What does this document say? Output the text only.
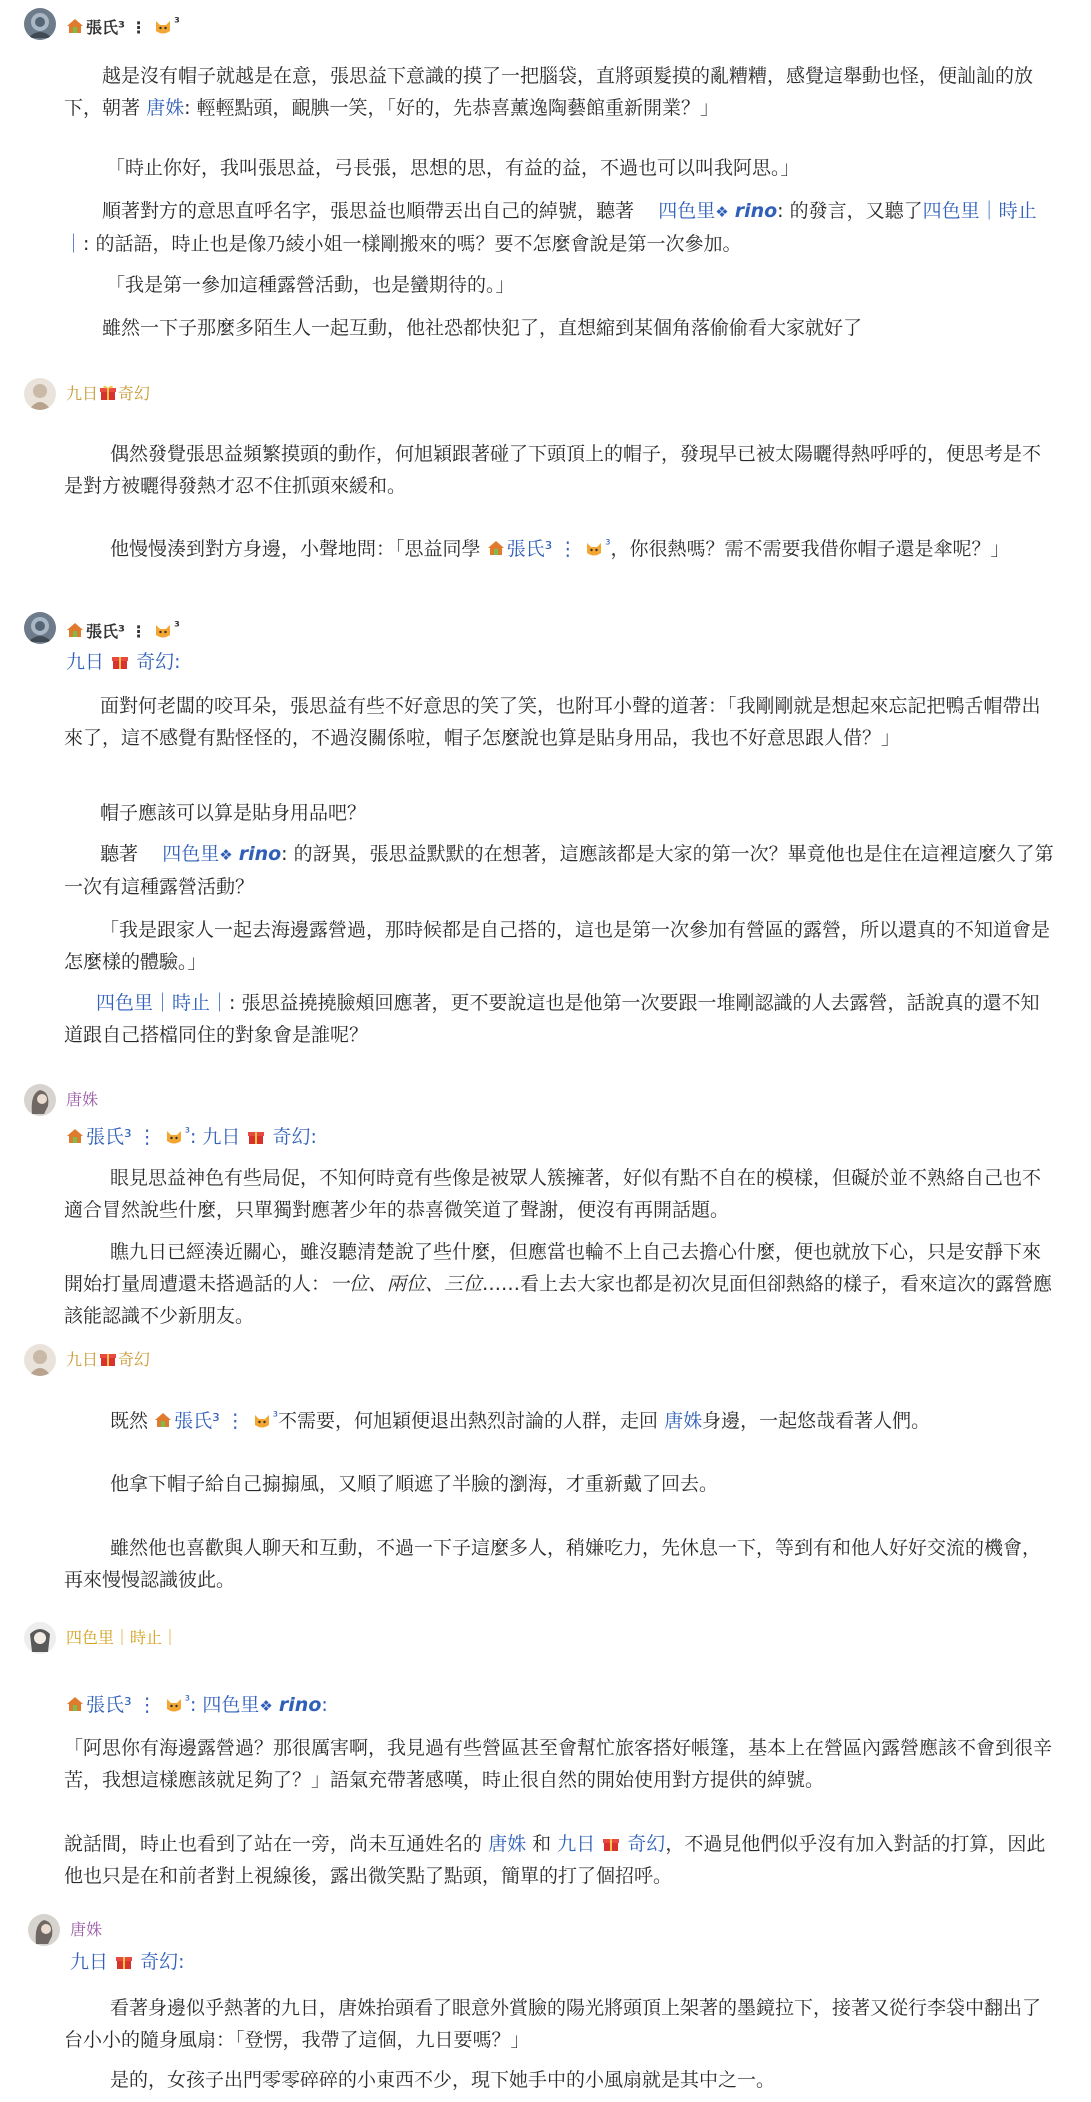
張氏³ ⋮ $^{^3}$

越是沒有帽子就越是在意，張思益下意識的摸了一把腦袋，直將頭髮摸的亂糟糟，感覺這舉動也怪，便訕訕的放下，朝著 唐姝: 輕輕點頭，靦腆一笑，「好的，先恭喜薰逸陶藝館重新開業？」

「時止你好，我叫張思益，弓長張，思想的思，有益的益，不過也可以叫我阿思。」

順著對方的意思直呼名字，張思益也順帶丟出自己的綽號，聽著 四色里❖ rino: 的發言，又聽了四色里｜時止｜: 的話語，時止也是像乃綾小姐一樣剛搬來的嗎？要不怎麼會說是第一次參加。

「我是第一參加這種露營活動，也是蠻期待的。」

雖然一下子那麼多陌生人一起互動，他社恐都快犯了，直想縮到某個角落偷偷看大家就好了

九日 奇幻

偶然發覺張思益頻繁摸頭的動作，何旭穎跟著碰了下頭頂上的帽子，發現早已被太陽曬得熱呼呼的，便思考是不是對方被曬得發熱才忍不住抓頭來緩和。

他慢慢湊到對方身邊，小聲地問：「思益同學 張氏³ ⋮ $^{^3}$，你很熱嗎？需不需要我借你帽子還是傘呢？」

張氏³ ⋮ $^{^3}$
九日 奇幻:

面對何老闆的咬耳朵，張思益有些不好意思的笑了笑，也附耳小聲的道著：「我剛剛就是想起來忘記把鴨舌帽帶出來了，這不感覺有點怪怪的，不過沒關係啦，帽子怎麼說也算是貼身用品，我也不好意思跟人借？」

帽子應該可以算是貼身用品吧？

聽著 四色里❖ rino: 的訝異，張思益默默的在想著，這應該都是大家的第一次？畢竟他也是住在這裡這麼久了第一次有這種露營活動？

「我是跟家人一起去海邊露營過，那時候都是自己搭的，這也是第一次參加有營區的露營，所以還真的不知道會是怎麼樣的體驗。」

四色里｜時止｜: 張思益撓撓臉頰回應著，更不要說這也是他第一次要跟一堆剛認識的人去露營，話說真的還不知道跟自己搭檔同住的對象會是誰呢？

唐姝
張氏³ ⋮ $^{^3}$: 九日 奇幻:

眼見思益神色有些局促，不知何時竟有些像是被眾人簇擁著，好似有點不自在的模樣，但礙於並不熟絡自己也不適合冒然說些什麼，只單獨對應著少年的恭喜微笑道了聲謝，便沒有再開話題。

瞧九日已經湊近關心，雖沒聽清楚說了些什麼，但應當也輪不上自己去擔心什麼，便也就放下心，只是安靜下來開始打量周遭還未搭過話的人：一位、兩位、三位……看上去大家也都是初次見面但卻熱絡的樣子，看來這次的露營應該能認識不少新朋友。

九日 奇幻

既然 張氏³ ⋮ $^{^3}$不需要，何旭穎便退出熱烈討論的人群，走回 唐姝身邊，一起悠哉看著人們。

他拿下帽子給自己搧搧風，又順了順遮了半臉的瀏海，才重新戴了回去。

雖然他也喜歡與人聊天和互動，不過一下子這麼多人，稍嫌吃力，先休息一下，等到有和他人好好交流的機會，再來慢慢認識彼此。

四色里｜時止｜
張氏³ ⋮ $^{^3}$: 四色里❖ rino:

「阿思你有海邊露營過？那很厲害啊，我見過有些營區甚至會幫忙旅客搭好帳篷，基本上在營區內露營應該不會到很辛苦，我想這樣應該就足夠了？」語氣充帶著感嘆，時止很自然的開始使用對方提供的綽號。

說話間，時止也看到了站在一旁，尚未互通姓名的 唐姝 和 九日 奇幻，不過見他們似乎沒有加入對話的打算，因此他也只是在和前者對上視線後，露出微笑點了點頭，簡單的打了個招呼。

唐姝
九日 奇幻:

看著身邊似乎熱著的九日，唐姝抬頭看了眼意外賞臉的陽光將頭頂上架著的墨鏡拉下，接著又從行李袋中翻出了台小小的隨身風扇：「登愣，我帶了這個，九日要嗎？」

是的，女孩子出門零零碎碎的小東西不少，現下她手中的小風扇就是其中之一。
